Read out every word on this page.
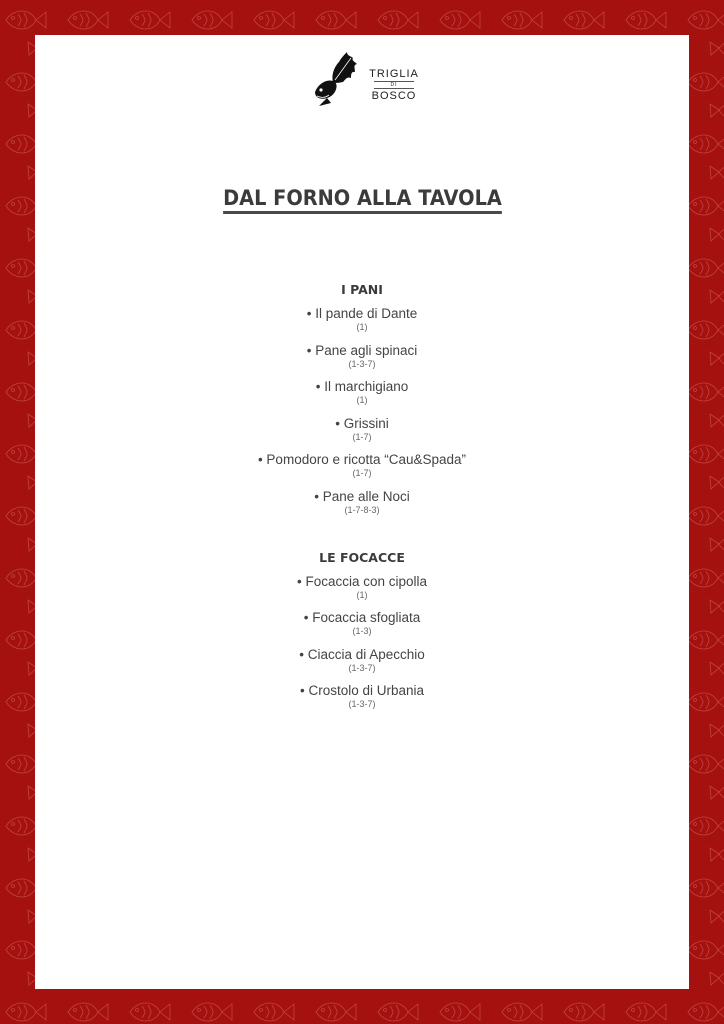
TRIGLIA
DI
BOSCO
DAL FORNO ALLA TAVOLA
I PANI
• Il pande di Dante
(1)
• Pane agli spinaci
(1-3-7)
• Il marchigiano
(1)
• Grissini
(1-7)
• Pomodoro e ricotta “Cau&Spada”
(1-7)
• Pane alle Noci
(1-7-8-3)
LE FOCACCE
• Focaccia con cipolla
(1)
• Focaccia sfogliata
(1-3)
• Ciaccia di Apecchio
(1-3-7)
• Crostolo di Urbania
(1-3-7)
